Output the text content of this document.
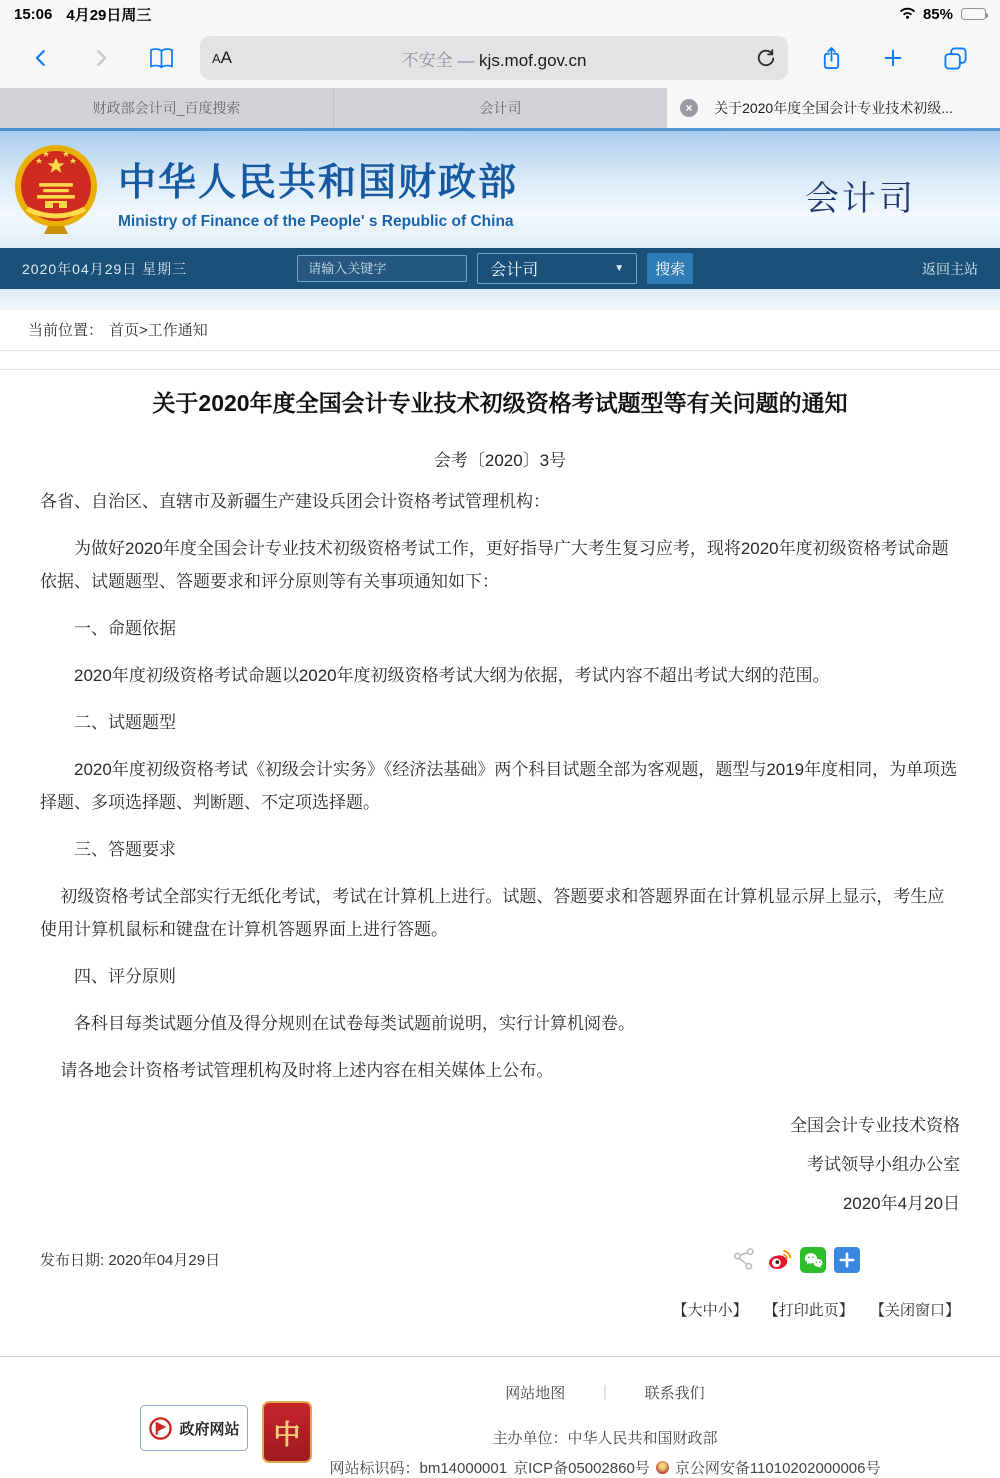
15:06 4月29日周三	85%
A A	不安全 — kjs.mof.gov.cn
财政部会计司_百度搜索	会计司	×	关于2020年度全国会计专业技术初级...
中华人民共和国财政部
Ministry of Finance of the People' s Republic of China
会计司
2020年04月29日 星期三
请输入关键字	会计司	▼	搜索	返回主站
当前位置： 首页>工作通知
关于2020年度全国会计专业技术初级资格考试题型等有关问题的通知
会考〔2020〕3号

各省、自治区、直辖市及新疆生产建设兵团会计资格考试管理机构：

为做好2020年度全国会计专业技术初级资格考试工作，更好指导广大考生复习应考，现将2020年度初级资格考试命题依据、试题题型、答题要求和评分原则等有关事项通知如下：

一、命题依据

2020年度初级资格考试命题以2020年度初级资格考试大纲为依据，考试内容不超出考试大纲的范围。

二、试题题型

2020年度初级资格考试《初级会计实务》《经济法基础》两个科目试题全部为客观题，题型与2019年度相同，为单项选择题、多项选择题、判断题、不定项选择题。

三、答题要求

初级资格考试全部实行无纸化考试，考试在计算机上进行。试题、答题要求和答题界面在计算机显示屏上显示，考生应使用计算机鼠标和键盘在计算机答题界面上进行答题。

四、评分原则

各科目每类试题分值及得分规则在试卷每类试题前说明，实行计算机阅卷。

请各地会计资格考试管理机构及时将上述内容在相关媒体上公布。

全国会计专业技术资格
考试领导小组办公室
2020年4月20日
发布日期: 2020年04月29日
【大中小】 【打印此页】 【关闭窗口】
政府网站 中
网站地图 ｜ 联系我们
主办单位：中华人民共和国财政部
网站标识码：bm14000001 京ICP备05002860号 京公网安备11010202000006号
